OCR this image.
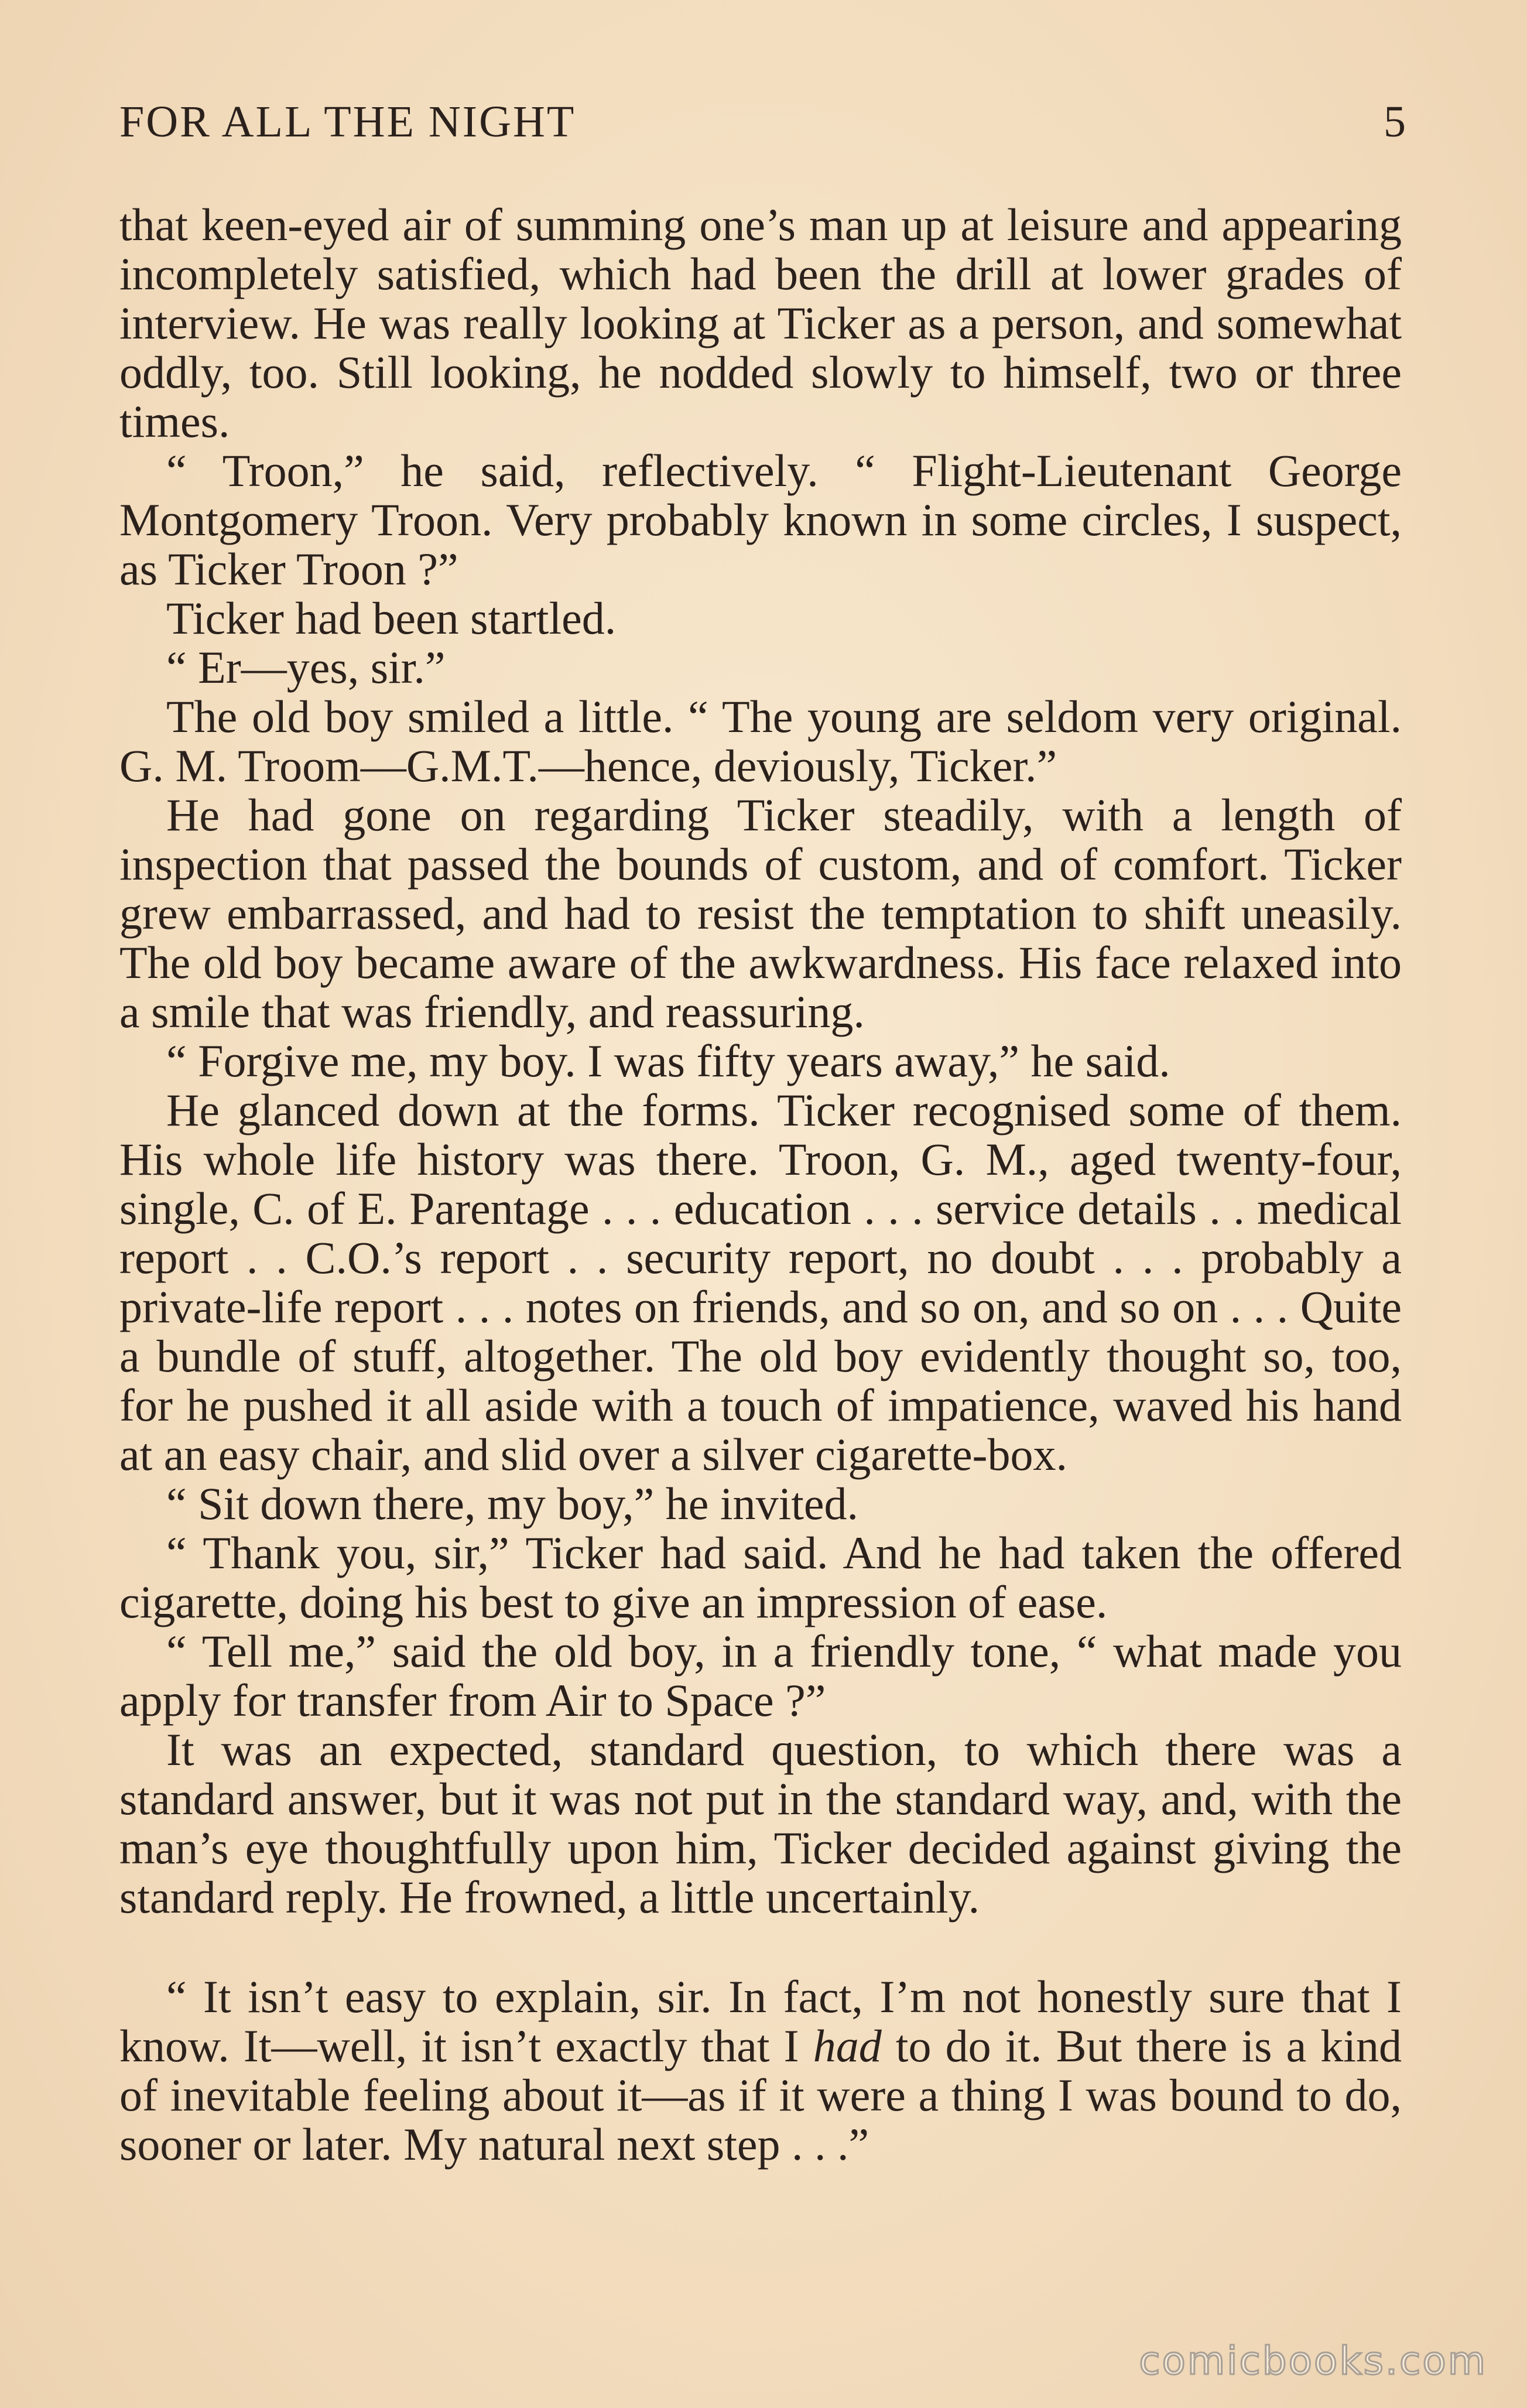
FOR ALL THE NIGHT	5

that keen-eyed air of summing one’s man up at leisure and appearing incompletely satisfied, which had been the drill at lower grades of interview. He was really looking at Ticker as a person, and somewhat oddly, too. Still looking, he nodded slowly to himself, two or three times.

“ Troon,” he said, reflectively. “ Flight-Lieutenant George Montgomery Troon. Very probably known in some circles, I suspect, as Ticker Troon ?”

Ticker had been startled.

“ Er—yes, sir.”

The old boy smiled a little. “ The young are seldom very original. G. M. Troom—G.M.T.—hence, deviously, Ticker.”

He had gone on regarding Ticker steadily, with a length of inspection that passed the bounds of custom, and of comfort. Ticker grew embarrassed, and had to resist the temptation to shift uneasily. The old boy became aware of the awkwardness. His face relaxed into a smile that was friendly, and reassuring.

“ Forgive me, my boy. I was fifty years away,” he said.

He glanced down at the forms. Ticker recognised some of them. His whole life history was there. Troon, G. M., aged twenty-four, single, C. of E. Parentage . . . education . . . service details . . medical report . . C.O.’s report . . security report, no doubt . . . probably a private-life report . . . notes on friends, and so on, and so on . . . Quite a bundle of stuff, altogether. The old boy evidently thought so, too, for he pushed it all aside with a touch of impatience, waved his hand at an easy chair, and slid over a silver cigarette-box.

“ Sit down there, my boy,” he invited.

“ Thank you, sir,” Ticker had said. And he had taken the offered cigarette, doing his best to give an impression of ease.

“ Tell me,” said the old boy, in a friendly tone, “ what made you apply for transfer from Air to Space ?”

It was an expected, standard question, to which there was a standard answer, but it was not put in the standard way, and, with the man’s eye thoughtfully upon him, Ticker decided against giving the standard reply. He frowned, a little uncertainly.

“ It isn’t easy to explain, sir. In fact, I’m not honestly sure that I know. It—well, it isn’t exactly that I had to do it. But there is a kind of inevitable feeling about it—as if it were a thing I was bound to do, sooner or later. My natural next step . . .”

comicbooks.com
